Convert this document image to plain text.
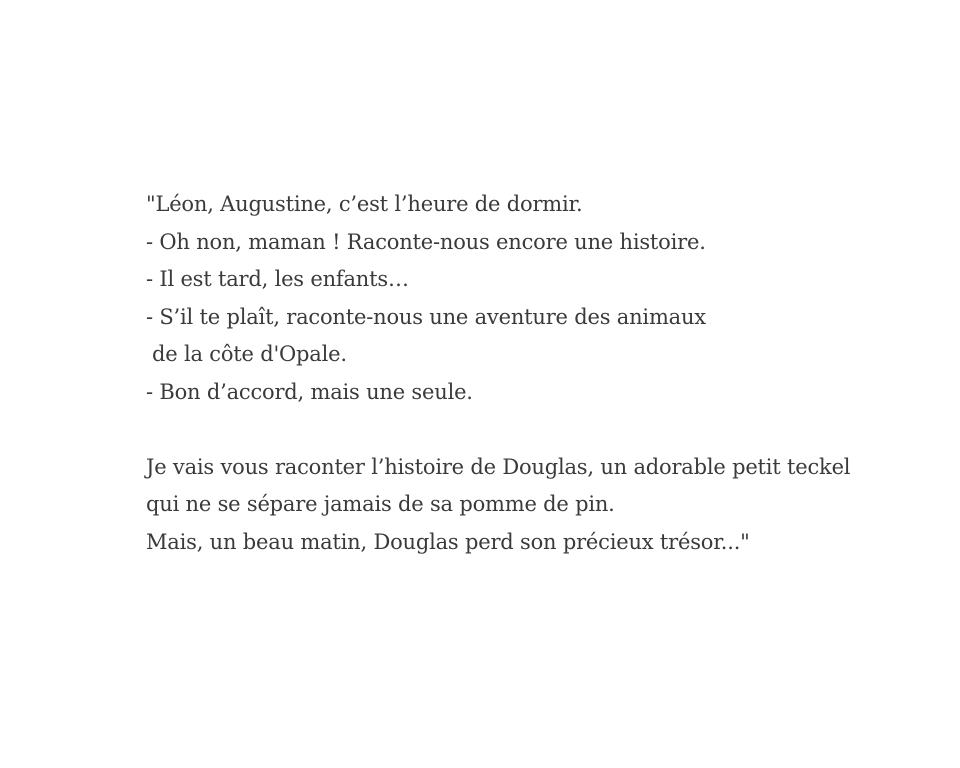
"Léon, Augustine, c’est l’heure de dormir.
- Oh non, maman ! Raconte-nous encore une histoire.
- Il est tard, les enfants…
- S’il te plaît, raconte-nous une aventure des animaux
de la côte d'Opale.
- Bon d’accord, mais une seule.
Je vais vous raconter l’histoire de Douglas, un adorable petit teckel
qui ne se sépare jamais de sa pomme de pin.
Mais, un beau matin, Douglas perd son précieux trésor..."
